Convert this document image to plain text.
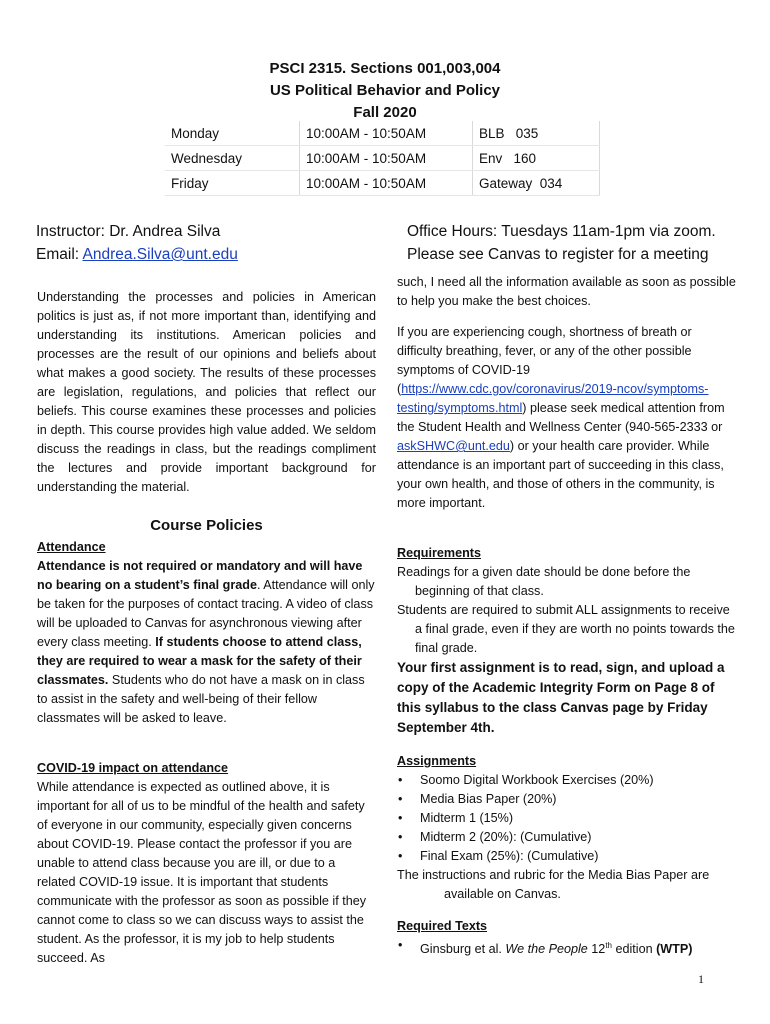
PSCI 2315. Sections 001,003,004
US Political Behavior and Policy
Fall 2020
Monday	10:00AM - 10:50AM	BLB   035
Wednesday	10:00AM - 10:50AM	Env   160
Friday	10:00AM - 10:50AM	Gateway  034
Instructor: Dr. Andrea Silva
Email: Andrea.Silva@unt.edu
Office Hours: Tuesdays 11am-1pm via zoom.
Please see Canvas to register for a meeting
Understanding the processes and policies in American politics is just as, if not more important than, identifying and understanding its institutions. American policies and processes are the result of our opinions and beliefs about what makes a good society. The results of these processes are legislation, regulations, and policies that reflect our beliefs. This course examines these processes and policies in depth. This course provides high value added. We seldom discuss the readings in class, but the readings compliment the lectures and provide important background for understanding the material.
Course Policies
Attendance
Attendance is not required or mandatory and will have no bearing on a student’s final grade. Attendance will only be taken for the purposes of contact tracing. A video of class will be uploaded to Canvas for asynchronous viewing after every class meeting. If students choose to attend class, they are required to wear a mask for the safety of their classmates. Students who do not have a mask on in class to assist in the safety and well-being of their fellow classmates will be asked to leave.
COVID-19 impact on attendance
While attendance is expected as outlined above, it is important for all of us to be mindful of the health and safety of everyone in our community, especially given concerns about COVID-19. Please contact the professor if you are unable to attend class because you are ill, or due to a related COVID-19 issue. It is important that students communicate with the professor as soon as possible if they cannot come to class so we can discuss ways to assist the student. As the professor, it is my job to help students succeed. As
such, I need all the information available as soon as possible to help you make the best choices.
If you are experiencing cough, shortness of breath or difficulty breathing, fever, or any of the other possible symptoms of COVID-19 (https://www.cdc.gov/coronavirus/2019-ncov/symptoms-testing/symptoms.html) please seek medical attention from the Student Health and Wellness Center (940-565-2333 or askSHWC@unt.edu) or your health care provider. While attendance is an important part of succeeding in this class, your own health, and those of others in the community, is more important.
Requirements
Readings for a given date should be done before the beginning of that class.
Students are required to submit ALL assignments to receive a final grade, even if they are worth no points towards the final grade.
Your first assignment is to read, sign, and upload a copy of the Academic Integrity Form on Page 8 of this syllabus to the class Canvas page by Friday September 4th.
Assignments
• Soomo Digital Workbook Exercises (20%)
• Media Bias Paper (20%)
• Midterm 1 (15%)
• Midterm 2 (20%): (Cumulative)
• Final Exam (25%): (Cumulative)
The instructions and rubric for the Media Bias Paper are available on Canvas.
Required Texts
• Ginsburg et al. We the People 12th edition (WTP)
1
